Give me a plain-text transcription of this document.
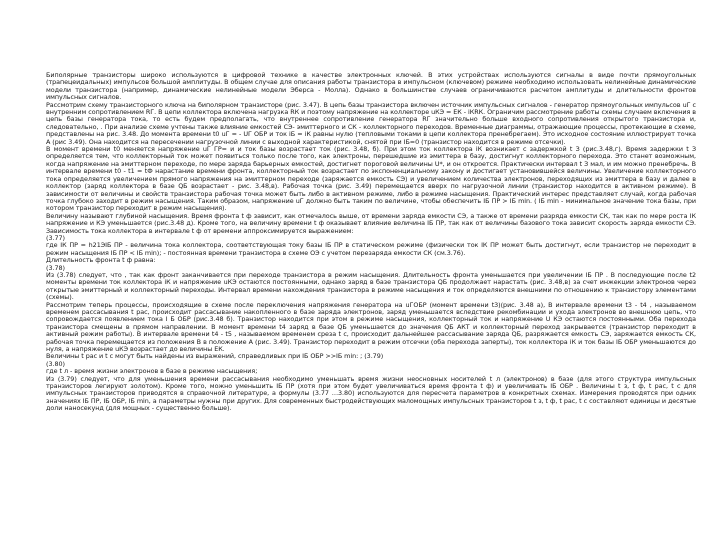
Биполярные транзисторы широко используются в цифровой технике в качестве электронных ключей. В этих устройствах используются сигналы в виде почти прямоугольных (трапецеидальных) импульсов большой амплитуды. В общем случае для описания работы транзистора в импульсном (ключевом) режиме необходимо использовать нелинейные динамические модели транзистора (например, динамические нелинейные модели Эберса - Молла). Однако в большинстве случаев ограничиваются расчетом амплитуды и длительности фронтов импульсных сигналов.
Рассмотрим схему транзисторного ключа на биполярном транзисторе (рис. 3.47). В цепь базы транзистора включен источник импульсных сигналов - генератор прямоугольных импульсов uГ с внутренним сопротивлением RГ. В цепи коллектора включена нагрузка RК и поэтому напряжение на коллекторе uКЭ = EК - iКRК. Ограничим рассмотрение работы схемы случаем включения в цепь базы генератора тока, то есть будем предполагать, что внутреннее сопротивление генератора RГ значительно больше входного сопротивления открытого транзистора и, следовательно, . При анализе схеме учтены также влияние емкостей СЭ- эмиттерного и СК - коллекторного переходов. Временные диаграммы, отражающие процессы, протекающие в схеме, представлены на рис. 3.48. До момента времени t0 uГ = - UГ ОБР и ток iБ = iК равны нулю (тепловыми токами в цепи коллектора пренебрегаем). Это исходное состояние иллюстрирует точка А (рис 3.49). Она находится на пересечении нагрузочной линии с выходной характеристикой, снятой при IБ=0 (транзистор находится в режиме отсечки).
В момент времени t0 меняется напряжение uГ ГР= и и ток базы возрастает ток (рис. 3.48, б). При этом ток коллектора iК возникает с задержкой t З (рис.3.48,г). Время задержки t З определяется тем, что коллекторный ток может появиться только после того, как электроны, перешедшие из эмиттера в базу, достигнут коллекторного перехода. Это станет возможным, когда напряжение на эмиттерном переходе, по мере заряда барьерных емкостей, достигнет пороговой величины U*, и он откроется. Практически интервал t З мал, и им можно пренебречь. В интервале времени t0 - t1 = tФ нарастание времени фронта, коллекторный ток возрастает по экспоненциальному закону и достигает установившейся величины. Увеличение коллекторного тока определяется увеличением прямого напряжения на эмиттерном переходе (заряжается емкость СЭ) и увеличением количества электронов, переходящих из эмиттера в базу и далее в коллектор (заряд коллектора в базе QБ возрастает - рис. 3.48,в). Рабочая точка (рис. 3.49) перемещается вверх по нагрузочной линии (транзистор находится в активном режиме). В зависимости от величины и свойств транзистора рабочая точка может быть либо в активном режиме, либо в режиме насыщения. Практический интерес представляет случай, когда рабочая точка глубоко заходит в режим насыщения. Таким образом, напряжение uГ должно быть таким по величине, чтобы обеспечить IБ ПР > IБ min. ( IБ min - минимальное значение тока базы, при котором транзистор переходит в режим насыщения).
Величину называют глубиной насыщения. Время фронта t ф зависит, как отмечалось выше, от времени заряда емкости СЭ, а также от времени разряда емкости СК, так как по мере роста IК напряжение и КЭ уменьшается (рис.3.48 д). Кроме того, на величину времени t ф оказывает влияние величина IБ ПР, так как от величины базового тока зависит скорость заряда емкости СЭ. Зависимость тока коллектора в интервале t ф от времени аппроксимируется выражением:
(3.77)
где IК ПР = h21ЭIБ ПР - величина тока коллектора, соответствующая току базы IБ ПР в статическом режиме (физически ток IК ПР может быть достигнут, если транзистор не переходит в режим насыщения IБ ПР < IБ min); - постоянная времени транзистора в схеме ОЭ с учетом перезаряда емкости СК (см.3.76).
Длительность фронта t ф равна:
(3.78)
Из (3.78) следует, что , так как фронт заканчивается при переходе транзистора в режим насыщения. Длительность фронта уменьшается при увеличении IБ ПР . В последующие после t2 моменты времени ток коллектора iК и напряжение uКЭ остаются постоянными, однако заряд в базе транзистора QБ продолжает нарастать (рис. 3.48,в) за счет инжекции электронов через открытые эмиттерный и коллекторный переходы. Интервал времени нахождения транзистора в режиме насыщения и ток определяются внешними по отношению к транзистору элементами (схемы).
Рассмотрим теперь процессы, происходящие в схеме после переключения напряжения генератора на uГОБР (момент времени t3)(рис. 3.48 а), В интервале времени t3 - t4 , называемом временем рассасывания t рас, происходит рассасывание накопленного в базе заряда электронов, заряд уменьшается вследствие рекомбинации и ухода электронов во внешнюю цепь, что сопровождается появлением тока I Б ОБР (рис.3.48 б). Транзистор находится при этом в режиме насыщения, коллекторный ток и напряжение U КЭ остаются постоянными. Оба перехода транзистора смещены в прямом направлении. В момент времени t4 заряд в базе QБ уменьшается до значения QБ АКТ и коллекторный переход закрывается (транзистор переходит в активный режим работы). В интервале времени t4 - t5 , называемом временем среза t с, происходит дальнейшее рассасывание заряда QБ, разряжается емкость СЭ, заряжается емкость СК, рабочая точка перемещается из положения В в положение А (рис. 3.49). Транзистор переходит в режим отсечки (оба перехода заперты), ток коллектора iК и ток базы IБ ОБР уменьшаются до нуля, а напряжение uКЭ возрастает до величины ЕК.
Величины t рас и t с могут быть найдены из выражений, справедливых при IБ ОБР >>IБ min: ; (3.79)
(3.80)
где t л - время жизни электронов в базе в режиме насыщения;
Из (3.79) следует, что для уменьшения времени рассасывания необходимо уменьшать время жизни неосновных носителей t л (электронов) в базе (для этого структура импульсных транзисторов легируют золотом). Кроме того, можно уменьшить IБ ПР (хотя при этом будет увеличиваться время фронта t ф) и увеличивать IБ ОБР . Величины t з, t ф, t рас, t с для импульсных транзисторов приводятся в справочной литературе, а формулы (3.77 …3.80) используются для пересчета параметров в конкретных схемах. Измерения проводятся при одних значениях IБ ПР, IБ ОБР, IБ min, а параметры нужны при других. Для современных быстродействующих маломощных импульсных транзисторов t з, t ф, t рас, t с составляют единицы и десятые доли наносекунд (для мощных - существенно больше).
